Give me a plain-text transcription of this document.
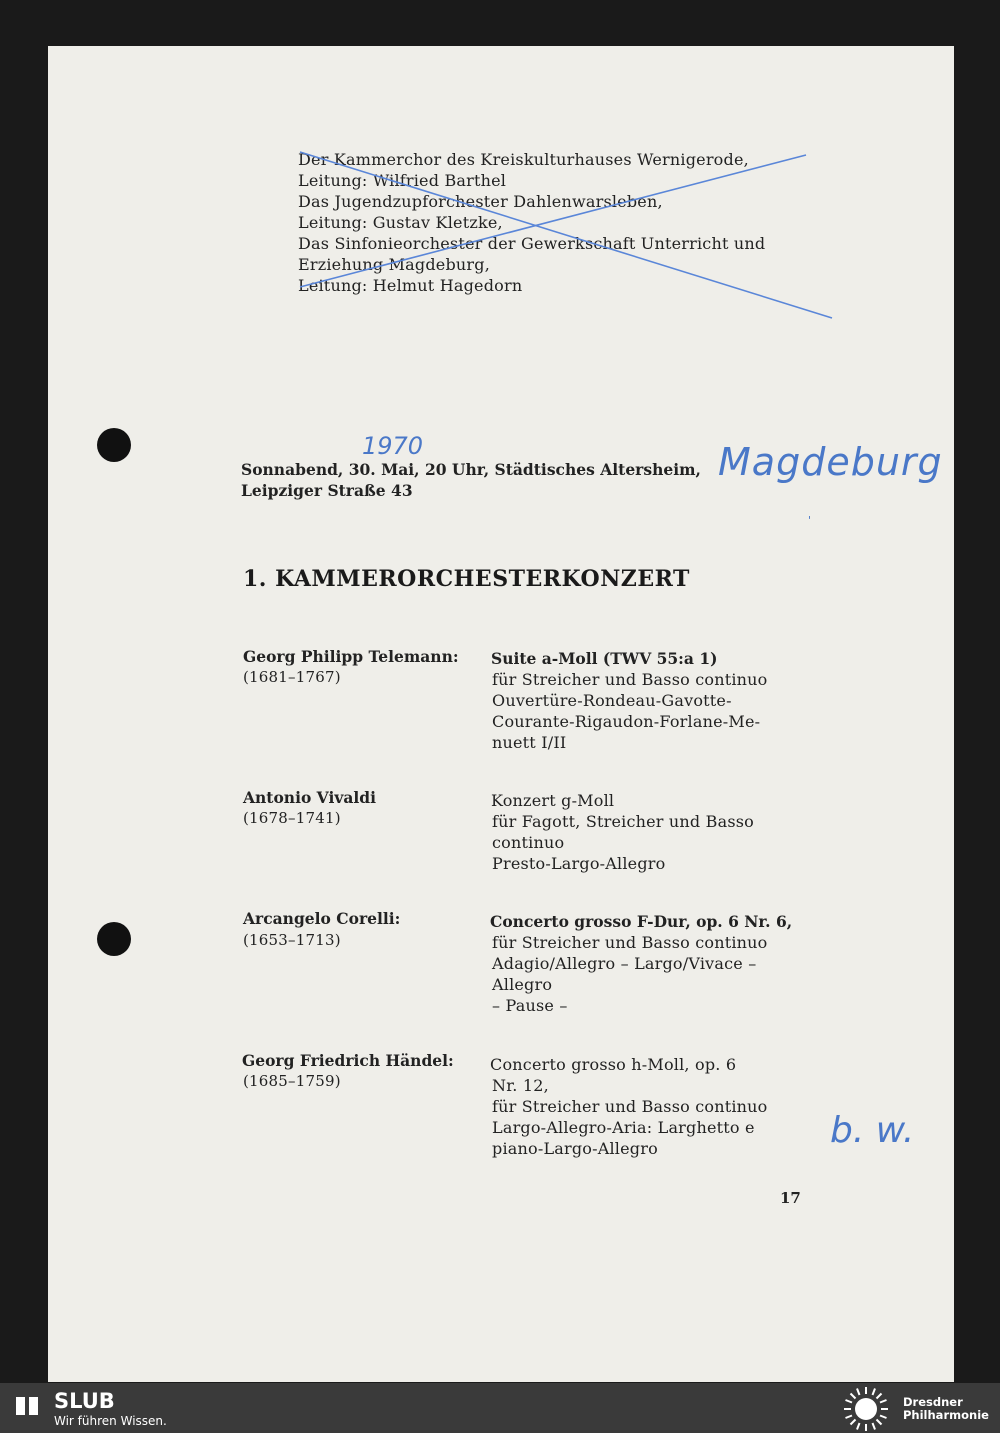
Der Kammerchor des Kreiskulturhauses Wernigerode,
Leitung: Wilfried Barthel
Das Jugendzupforchester Dahlenwarsleben,
Leitung: Gustav Kletzke,
Das Sinfonieorchester der Gewerkschaft Unterricht und
Erziehung Magdeburg,
Leitung: Helmut Hagedorn
1970
Sonnabend, 30. Mai, 20 Uhr, Städtisches Altersheim,
Leipziger Straße 43
Magdeburg
'
1. KAMMERORCHESTERKONZERT
Georg Philipp Telemann:
(1681–1767)
Suite a-Moll (TWV 55:a 1)
für Streicher und Basso continuo
Ouvertüre-Rondeau-Gavotte-
Courante-Rigaudon-Forlane-Me-
nuett I/II
Antonio Vivaldi
(1678–1741)
Konzert g-Moll
für Fagott, Streicher und Basso
continuo
Presto-Largo-Allegro
Arcangelo Corelli:
(1653–1713)
Concerto grosso F-Dur, op. 6 Nr. 6,
für Streicher und Basso continuo
Adagio/Allegro – Largo/Vivace –
Allegro
– Pause –
Georg Friedrich Händel:
(1685–1759)
Concerto grosso h-Moll, op. 6
Nr. 12,
für Streicher und Basso continuo
Largo-Allegro-Aria: Larghetto e
piano-Largo-Allegro	b. w.
17
SLUB
Wir führen Wissen.
Dresdner
Philharmonie
